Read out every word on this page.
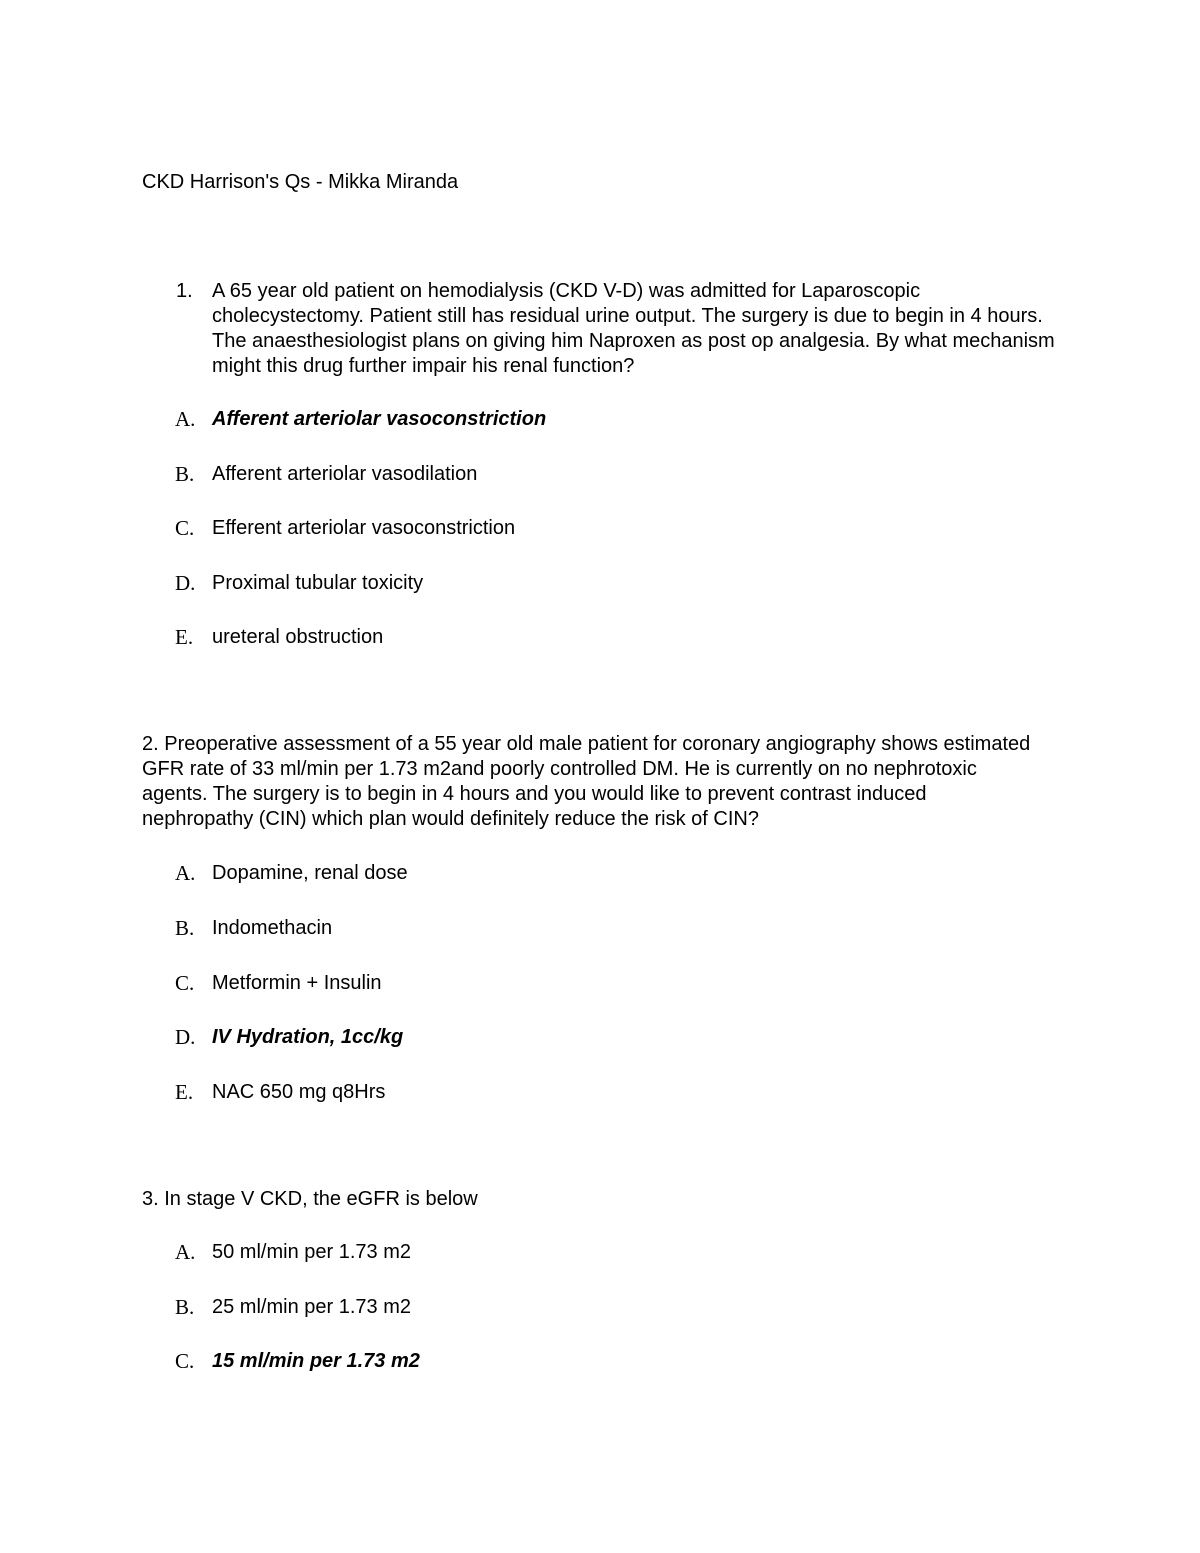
CKD Harrison's Qs - Mikka Miranda
1. A 65 year old patient on hemodialysis (CKD V-D) was admitted for Laparoscopic cholecystectomy. Patient still has residual urine output. The surgery is due to begin in 4 hours. The anaesthesiologist plans on giving him Naproxen as post op analgesia. By what mechanism might this drug further impair his renal function?
A. Afferent arteriolar vasoconstriction
B. Afferent arteriolar vasodilation
C. Efferent arteriolar vasoconstriction
D. Proximal tubular toxicity
E. ureteral obstruction
2. Preoperative assessment of a 55 year old male patient for coronary angiography shows estimated GFR rate of 33 ml/min per 1.73 m2and poorly controlled DM. He is currently on no nephrotoxic agents. The surgery is to begin in 4 hours and you would like to prevent contrast induced nephropathy (CIN) which plan would definitely reduce the risk of CIN?
A. Dopamine, renal dose
B. Indomethacin
C. Metformin + Insulin
D. IV Hydration, 1cc/kg
E. NAC 650 mg q8Hrs
3. In stage V CKD, the eGFR is below
A. 50 ml/min per 1.73 m2
B. 25 ml/min per 1.73 m2
C. 15 ml/min per 1.73 m2
